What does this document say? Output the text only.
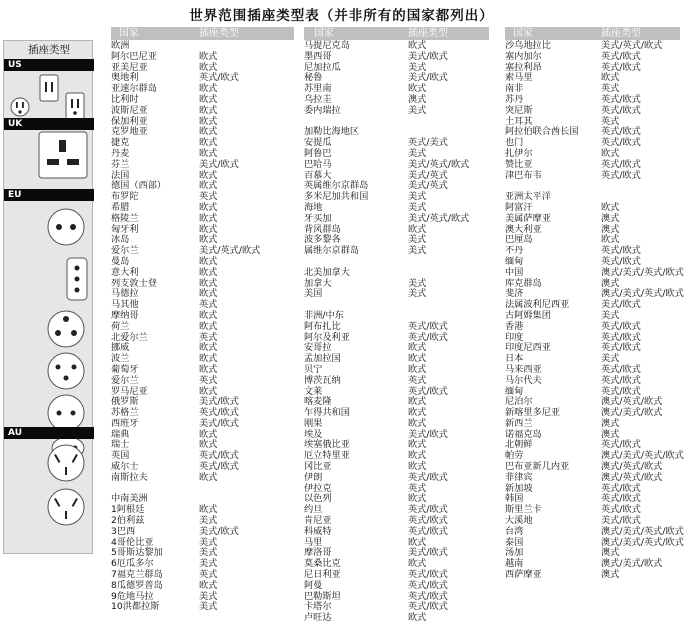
世界范围插座类型表（并非所有的国家都列出）
插座类型
US
UK
EU
AU
国家	插座类型
欧洲
阿尔巴尼亚	欧式
亚美尼亚	欧式
奥地利	英式/欧式
亚速尔群岛	欧式
比利时	欧式
波斯尼亚	欧式
保加利亚	欧式
克罗地亚	欧式
捷克	欧式
丹麦	欧式
芬兰	美式/欧式
法国	欧式
德国（西部）	欧式
布罗陀	英式
希腊	欧式
格陵兰	欧式
匈牙利	欧式
冰岛	欧式
爱尔兰	美式/英式/欧式
曼岛	欧式
意大利	欧式
列支敦士登	欧式
马德拉	欧式
马其他	英式
摩纳哥	欧式
荷兰	欧式
北爱尔兰	英式
挪威	欧式
波兰	欧式
葡萄牙	欧式
爱尔兰	英式
罗马尼亚	欧式
俄罗斯	美式/欧式
苏格兰	英式/欧式
西班牙	美式/欧式
瑞典	欧式
瑞士	欧式
英国	英式/欧式
威尔士	英式/欧式
南斯拉夫	欧式
中南美洲
1阿根廷	欧式
2伯利兹	美式
3巴西	美式/欧式
4哥伦比亚	美式
5哥斯达黎加	美式
6厄瓜多尔	美式
7福克兰群岛	英式
8瓜德罗普岛	欧式
9危地马拉	美式
10洪都拉斯	美式
国家	插座类型
马提尼克岛	欧式
墨西哥	美式/欧式
尼加拉瓜	美式
秘鲁	美式/欧式
苏里南	欧式
乌拉圭	澳式
委内瑞拉	美式
加勒比海地区
安提瓜	英式/美式
阿鲁巴	美式
巴哈马	美式/英式/欧式
百慕大	美式/英式
英属维尔京群岛	美式/英式
多米尼加共和国	美式
海地	美式
牙买加	美式/英式/欧式
背风群岛	欧式
波多黎各	美式
属维尔京群岛	美式
北美加拿大
加拿大	美式
美国	美式
非洲/中东
阿布扎比	英式/欧式
阿尔及利亚	英式/欧式
安哥拉	欧式
孟加拉国	欧式
贝宁	欧式
博茨瓦纳	英式
文莱	英式/欧式
喀麦隆	欧式
乍得共和国	欧式
刚果	欧式
埃及	美式/欧式
埃塞俄比亚	欧式
厄立特里亚	欧式
冈比亚	欧式
伊朗	英式/欧式
伊拉克	英式
以色列	欧式
约旦	英式/欧式
肯尼亚	英式/欧式
科威特	英式/欧式
马里	欧式
摩洛哥	美式/欧式
莫桑比克	欧式
尼日利亚	英式/欧式
阿曼	英式/欧式
巴勒斯坦	英式/欧式
卡塔尔	英式/欧式
卢旺达	欧式
国家	插座类型
沙乌地拉比	美式/英式/欧式
塞内加尔	英式/欧式
塞拉利昂	英式/欧式
索马里	欧式
南非	英式
苏丹	英式/欧式
突尼斯	英式/欧式
土耳其	英式
阿拉伯联合酋长国	英式/欧式
也门	英式/欧式
扎伊尔	欧式
赞比亚	英式/欧式
津巴布韦	英式/欧式
亚洲太平洋
阿富汗	欧式
美属萨摩亚	澳式
澳大利亚	澳式
巴厘岛	欧式
不丹	英式/欧式
缅甸	英式/欧式
中国	澳式/美式/英式/欧式
库克群岛	澳式
斐济	澳式/美式/英式/欧式
法属波利尼西亚	美式/欧式
古阿姆集团	美式
香港	英式/欧式
印度	英式/欧式
印度尼西亚	英式/欧式
日本	美式
马来西亚	英式/欧式
马尔代夫	英式/欧式
缅甸	英式/欧式
尼泊尔	澳式/英式/欧式
新喀里多尼亚	澳式/美式/欧式
新西兰	澳式
诺福克岛	澳式
北朝鲜	英式/欧式
帕劳	澳式/美式/英式/欧式
巴布亚新几内亚	澳式/英式/欧式
菲律宾	澳式/英式/欧式
新加坡	英式/欧式
韩国	英式/欧式
斯里兰卡	英式/欧式
大溪地	美式/欧式
台湾	澳式/美式/英式/欧式
泰国	澳式/美式/英式/欧式
汤加	澳式
越南	澳式/美式/欧式
西萨摩亚	澳式
